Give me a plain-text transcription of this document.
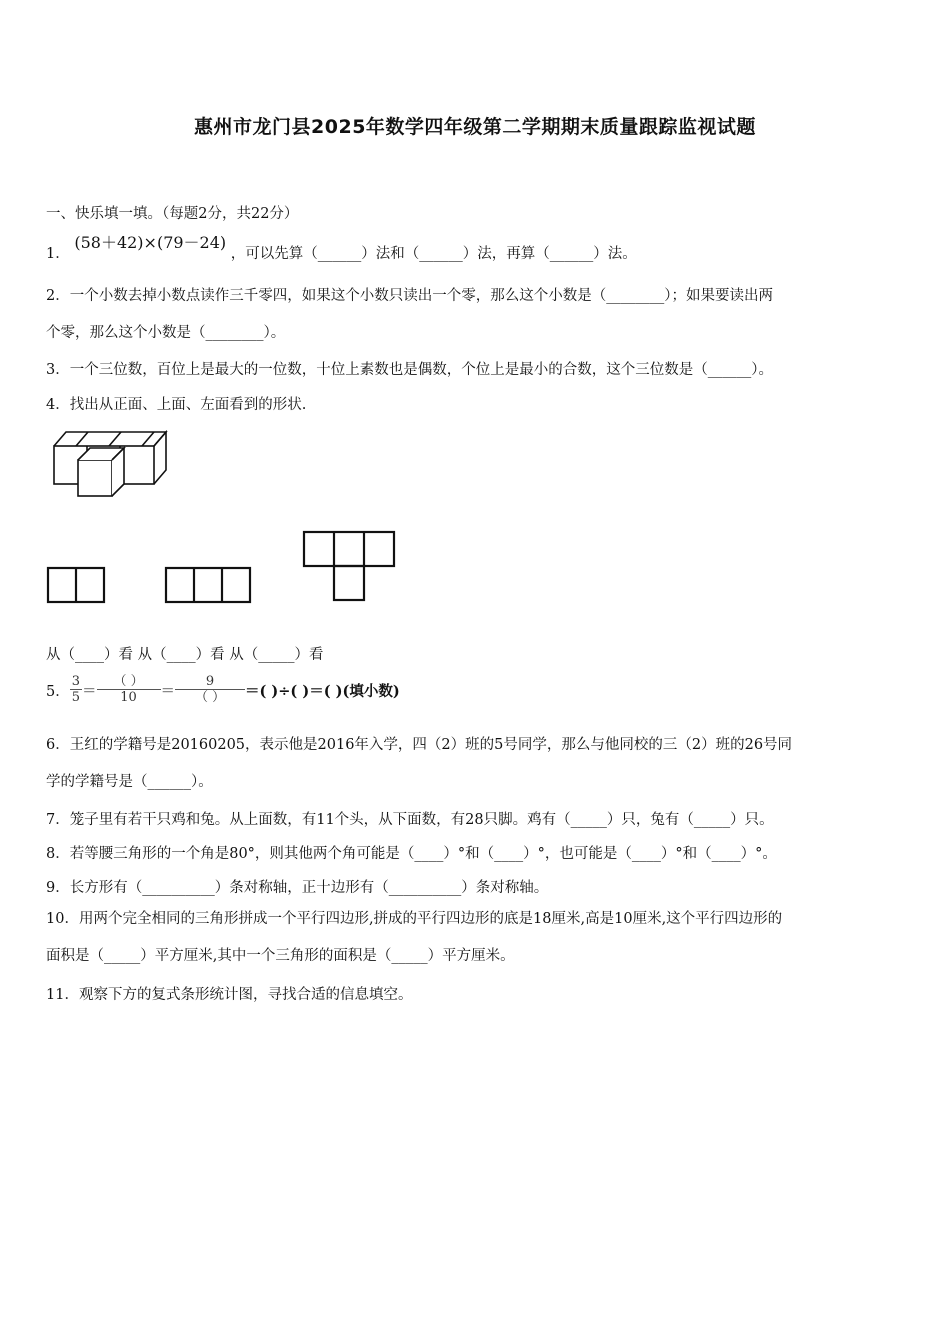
惠州市龙门县2025年数学四年级第二学期期末质量跟踪监视试题
一、快乐填一填。（每题2分，共22分）
1． (58＋42)×(79－24) ，可以先算（______）法和（______）法，再算（______）法。
2．一个小数去掉小数点读作三千零四，如果这个小数只读出一个零，那么这个小数是（________）；如果要读出两
个零，那么这个小数是（________）。
3．一个三位数，百位上是最大的一位数，十位上素数也是偶数，个位上是最小的合数，这个三位数是（______）。
4．找出从正面、上面、左面看到的形状.
从（____）看 从（____）看 从（_____）看
5． $\frac{3}{5} = \frac{( )}{10} = \frac{9}{( )}$ ＝( )÷( )＝( )(填小数)
6．王红的学籍号是20160205，表示他是2016年入学，四（2）班的5号同学，那么与他同校的三（2）班的26号同
学的学籍号是（______）。
7．笼子里有若干只鸡和兔。从上面数，有11个头，从下面数，有28只脚。鸡有（_____）只，兔有（_____）只。
8．若等腰三角形的一个角是80°，则其他两个角可能是（____）°和（____）°，也可能是（____）°和（____）°。
9．长方形有（__________）条对称轴，正十边形有（__________）条对称轴。
10．用两个完全相同的三角形拼成一个平行四边形,拼成的平行四边形的底是18厘米,高是10厘米,这个平行四边形的
面积是（_____）平方厘米,其中一个三角形的面积是（_____）平方厘米。
11．观察下方的复式条形统计图，寻找合适的信息填空。
